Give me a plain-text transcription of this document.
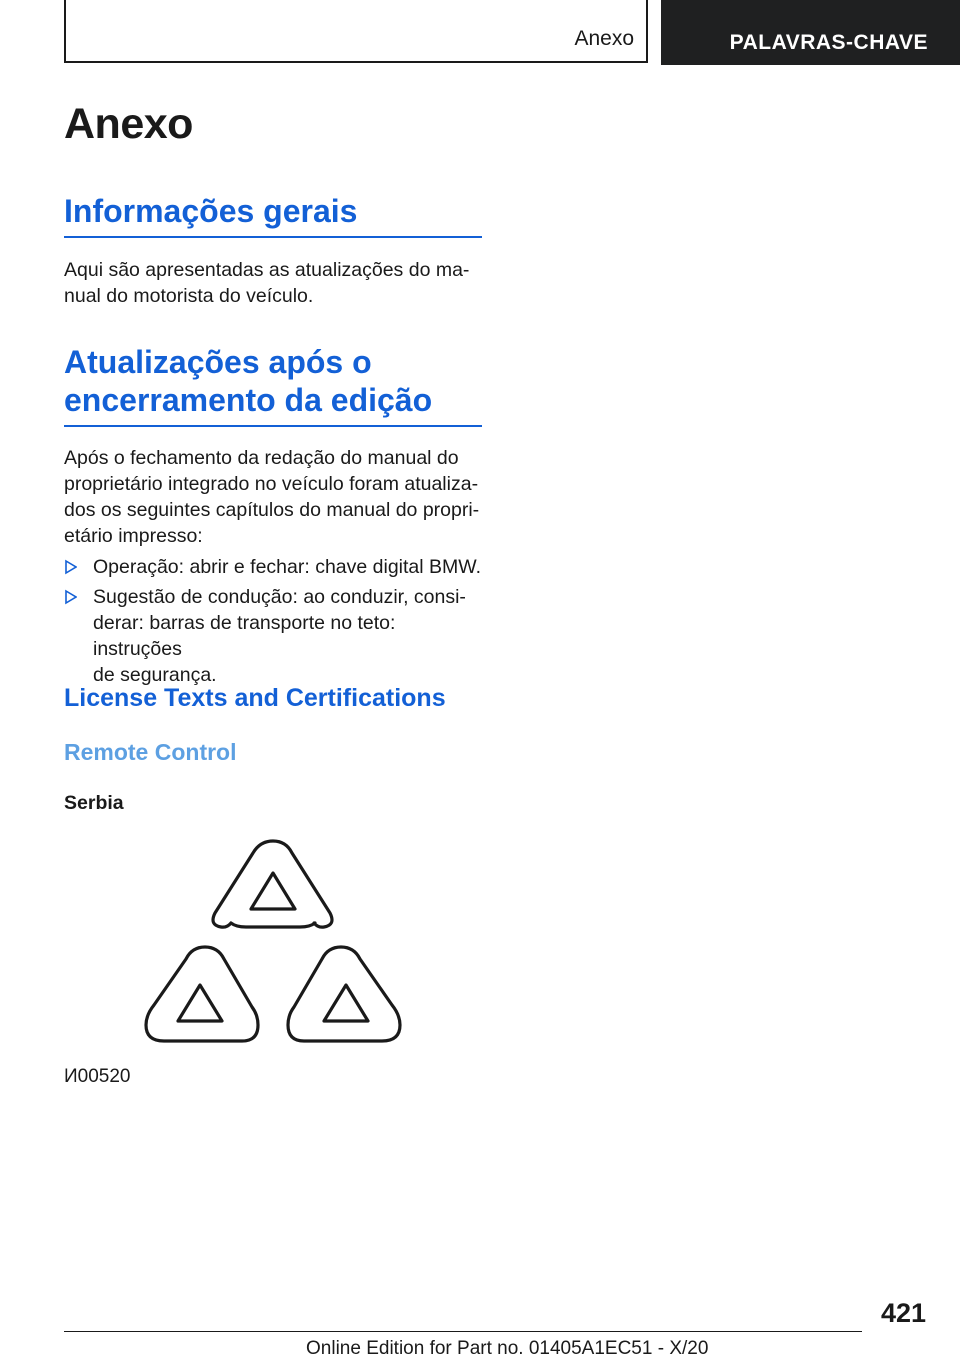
Anexo	PALAVRAS-CHAVE
Anexo
Informações gerais
Aqui são apresentadas as atualizações do ma‐
nual do motorista do veículo.
Atualizações após o
encerramento da edição
Após o fechamento da redação do manual do
proprietário integrado no veículo foram atualiza‐
dos os seguintes capítulos do manual do propri‐
etário impresso:
Operação: abrir e fechar: chave digital BMW.
Sugestão de condução: ao conduzir, consi‐
derar: barras de transporte no teto: instruções
de segurança.
License Texts and Certifications
Remote Control
Serbia
И00520
421
Online Edition for Part no. 01405A1EC51 - X/20
